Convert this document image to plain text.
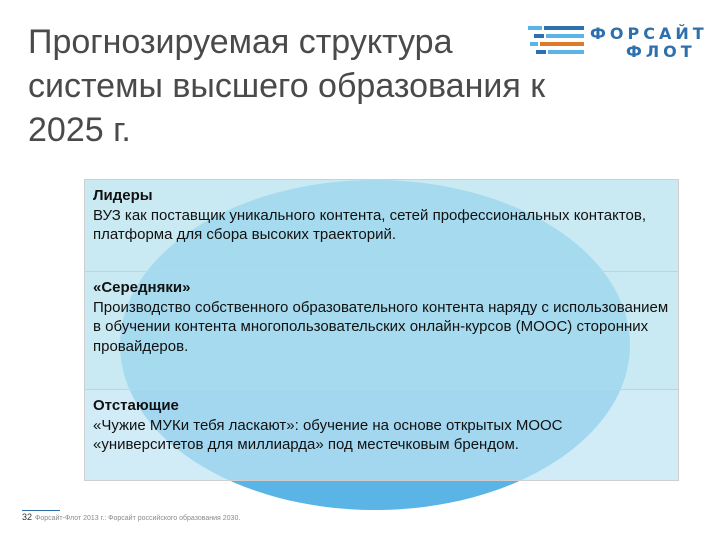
Прогнозируемая структура системы высшего образования к 2025 г.
ФОРСАЙТ
ФЛОТ
Лидеры
ВУЗ как поставщик уникального контента, сетей профессиональных контактов, платформа для сбора высоких траекторий.
«Середняки»
Производство собственного образовательного контента наряду с использованием в обучении контента многопользовательских онлайн-курсов (MOOC) сторонних провайдеров.
Отстающие
«Чужие МУКи тебя ласкают»: обучение на основе открытых MOOC «университетов для миллиарда» под местечковым брендом.
32 Форсайт-Флот 2013 г.: Форсайт российского образования 2030.
